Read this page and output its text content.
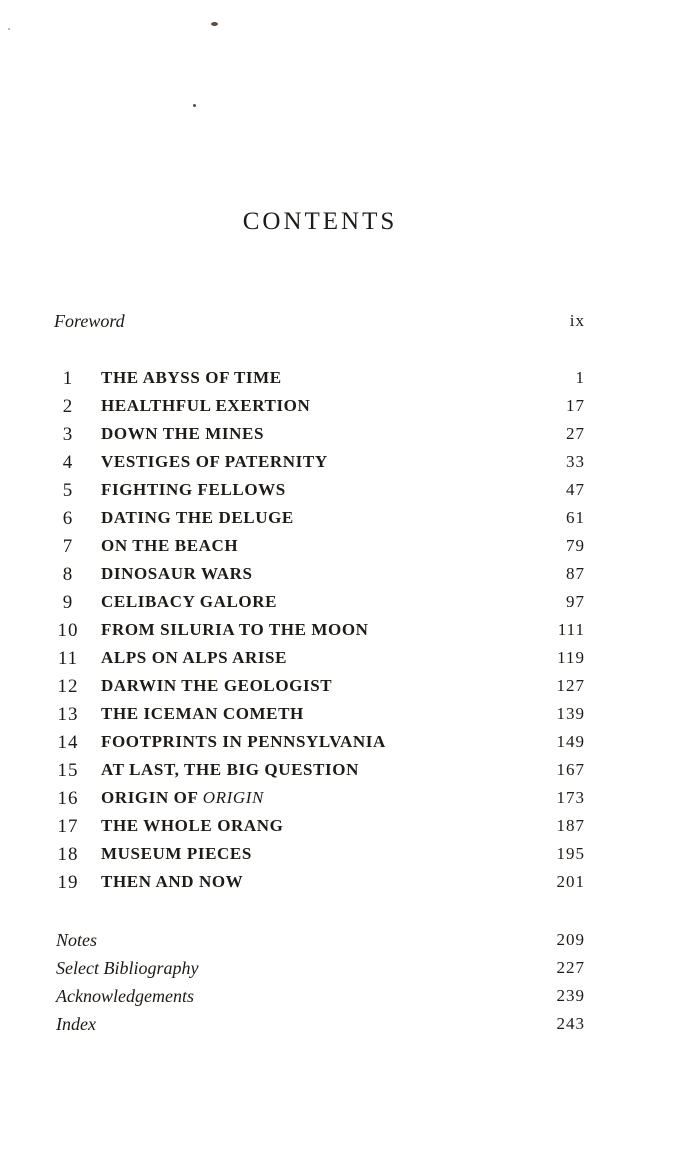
CONTENTS
Foreword	ix
1	THE ABYSS OF TIME	1
2	HEALTHFUL EXERTION	17
3	DOWN THE MINES	27
4	VESTIGES OF PATERNITY	33
5	FIGHTING FELLOWS	47
6	DATING THE DELUGE	61
7	ON THE BEACH	79
8	DINOSAUR WARS	87
9	CELIBACY GALORE	97
10	FROM SILURIA TO THE MOON	111
11	ALPS ON ALPS ARISE	119
12	DARWIN THE GEOLOGIST	127
13	THE ICEMAN COMETH	139
14	FOOTPRINTS IN PENNSYLVANIA	149
15	AT LAST, THE BIG QUESTION	167
16	ORIGIN OF ORIGIN	173
17	THE WHOLE ORANG	187
18	MUSEUM PIECES	195
19	THEN AND NOW	201
Notes	209
Select Bibliography	227
Acknowledgements	239
Index	243
